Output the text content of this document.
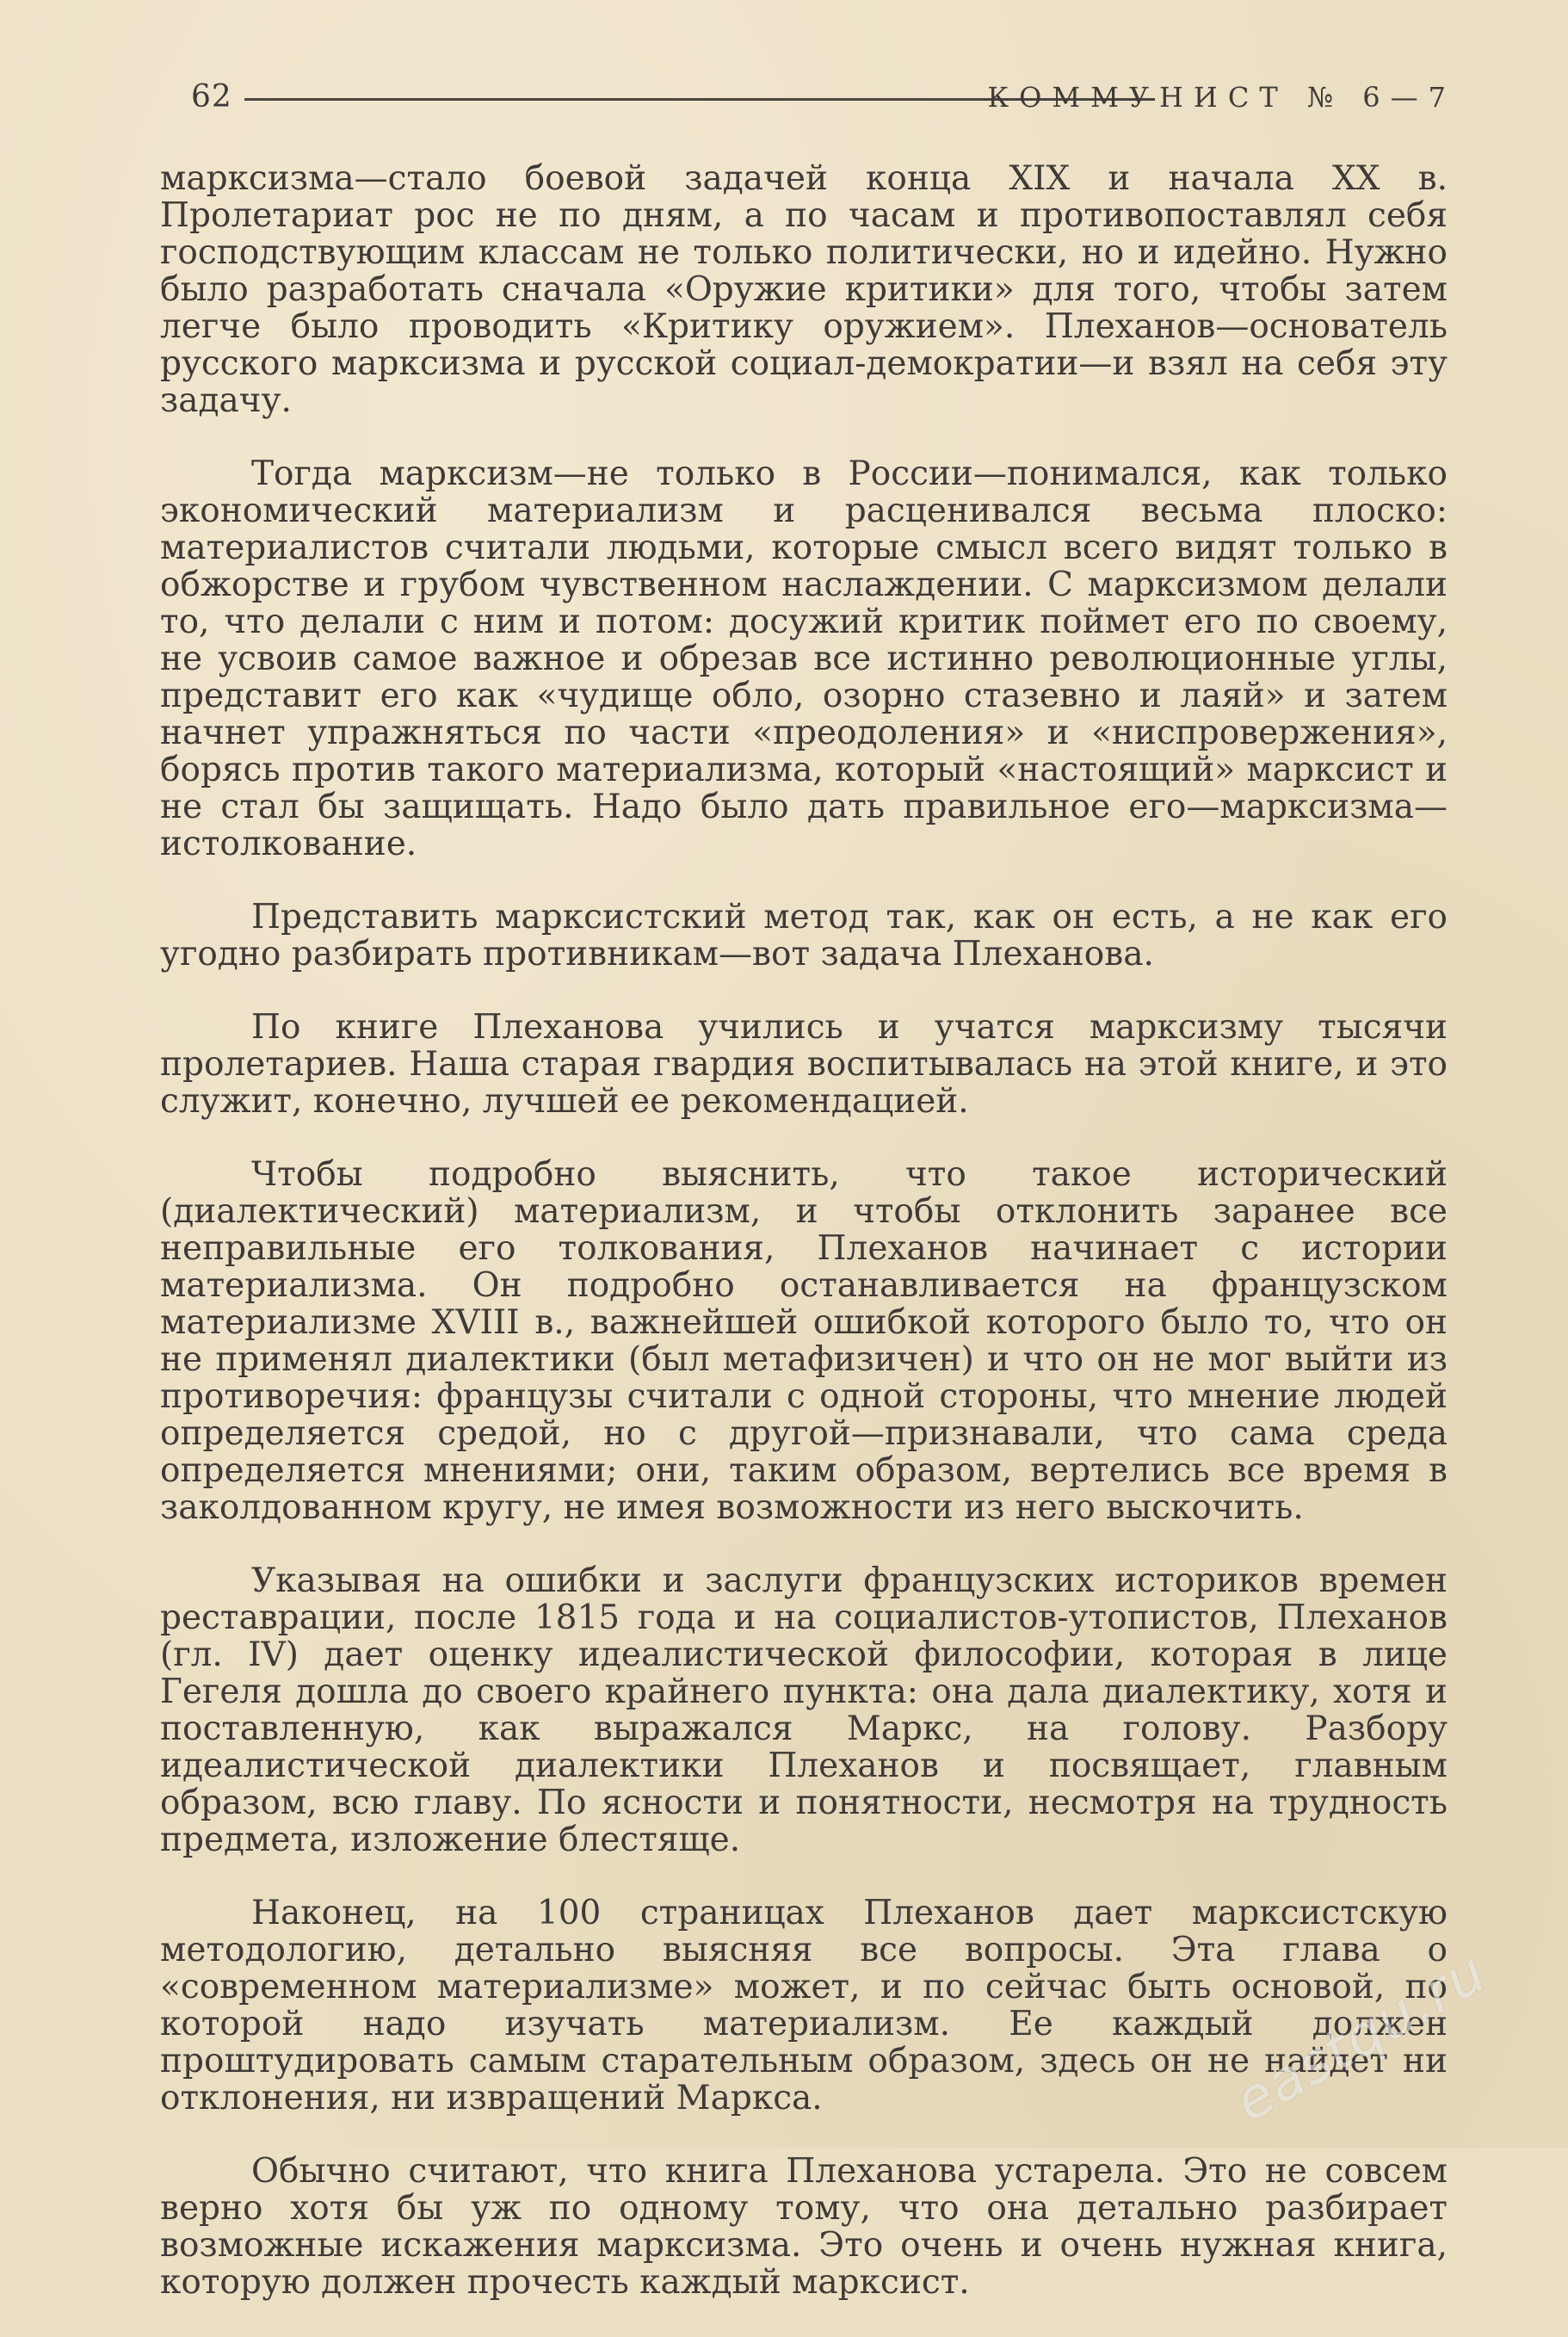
62	КОММУНИСТ № 6—7

марксизма—стало боевой задачей конца XIX и начала XX в. Пролетариат рос не по дням, а по часам и противопоставлял себя господствующим классам не только политически, но и идейно. Нужно было разработать сначала «Оружие критики» для того, чтобы затем легче было проводить «Критику оружием». Плеханов—основатель русского марксизма и русской социал-демократии—и взял на себя эту задачу.

Тогда марксизм—не только в России—понимался, как только экономический материализм и расценивался весьма плоско: материалистов считали людьми, которые смысл всего видят только в обжорстве и грубом чувственном наслаждении. С марксизмом делали то, что делали с ним и потом: досужий критик поймет его по своему, не усвоив самое важное и обрезав все истинно революционные углы, представит его как «чудище обло, озорно стазевно и лаяй» и затем начнет упражняться по части «преодоления» и «ниспровержения», борясь против такого материализма, который «настоящий» марксист и не стал бы защищать. Надо было дать правильное его—марксизма—истолкование.

Представить марксистский метод так, как он есть, а не как его угодно разбирать противникам—вот задача Плеханова.

По книге Плеханова учились и учатся марксизму тысячи пролетариев. Наша старая гвардия воспитывалась на этой книге, и это служит, конечно, лучшей ее рекомендацией.

Чтобы подробно выяснить, что такое исторический (диалектический) материализм, и чтобы отклонить заранее все неправильные его толкования, Плеханов начинает с истории материализма. Он подробно останавливается на французском материализме XVIII в., важнейшей ошибкой которого было то, что он не применял диалектики (был метафизичен) и что он не мог выйти из противоречия: французы считали с одной стороны, что мнение людей определяется средой, но с другой—признавали, что сама среда определяется мнениями; они, таким образом, вертелись все время в заколдованном кругу, не имея возможности из него выскочить.

Указывая на ошибки и заслуги французских историков времен реставрации, после 1815 года и на социалистов-утопистов, Плеханов (гл. IV) дает оценку идеалистической философии, которая в лице Гегеля дошла до своего крайнего пункта: она дала диалектику, хотя и поставленную, как выражался Маркс, на голову. Разбору идеалистической диалектики Плеханов и посвящает, главным образом, всю главу. По ясности и понятности, несмотря на трудность предмета, изложение блестяще.

Наконец, на 100 страницах Плеханов дает марксистскую методологию, детально выясняя все вопросы. Эта глава о «современном материализме» может, и по сейчас быть основой, по которой надо изучать материализм. Ее каждый должен проштудировать самым старательным образом, здесь он не найдет ни отклонения, ни извращений Маркса.

Обычно считают, что книга Плеханова устарела. Это не совсем верно хотя бы уж по одному тому, что она детально разбирает возможные искажения марксизма. Это очень и очень нужная книга, которую должен прочесть каждый марксист.

eastqu.ru
